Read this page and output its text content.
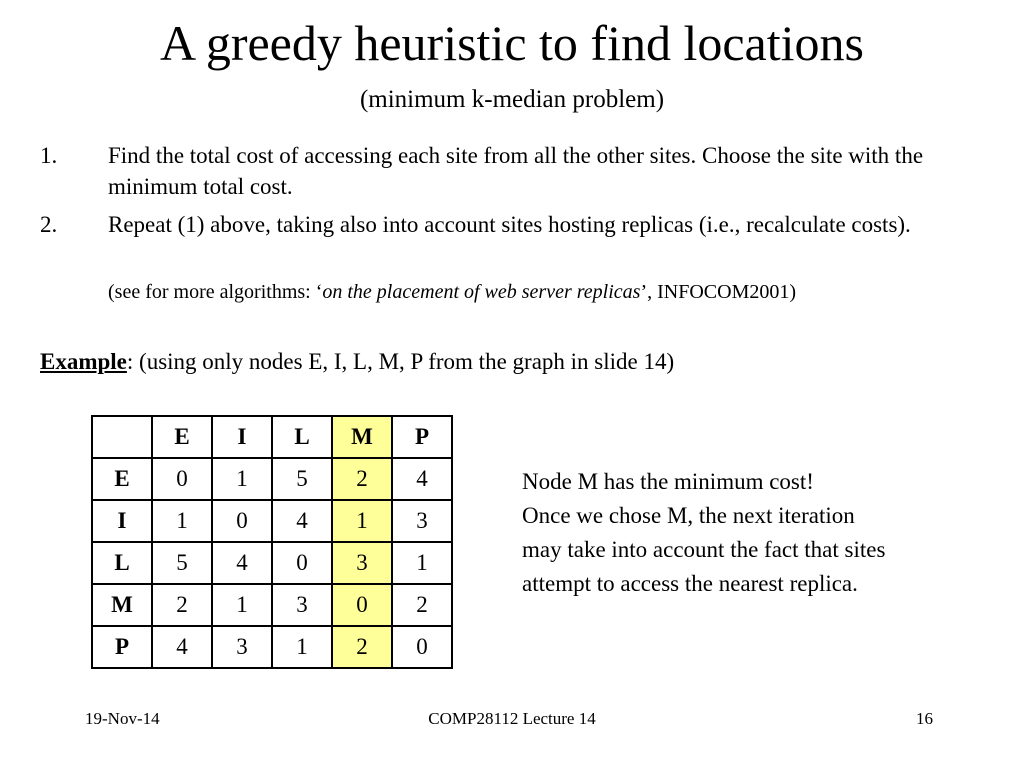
A greedy heuristic to find locations
(minimum k-median problem)
1. Find the total cost of accessing each site from all the other sites. Choose the site with the minimum total cost.
2. Repeat (1) above, taking also into account sites hosting replicas (i.e., recalculate costs).
(see for more algorithms: ‘on the placement of web server replicas’, INFOCOM2001)
Example: (using only nodes E, I, L, M, P from the graph in slide 14)
	E	I	L	M	P
E	0	1	5	2	4
I	1	0	4	1	3
L	5	4	0	3	1
M	2	1	3	0	2
P	4	3	1	2	0
Node M has the minimum cost!
Once we chose M, the next iteration
may take into account the fact that sites
attempt to access the nearest replica.
19-Nov-14	COMP28112 Lecture 14	16
